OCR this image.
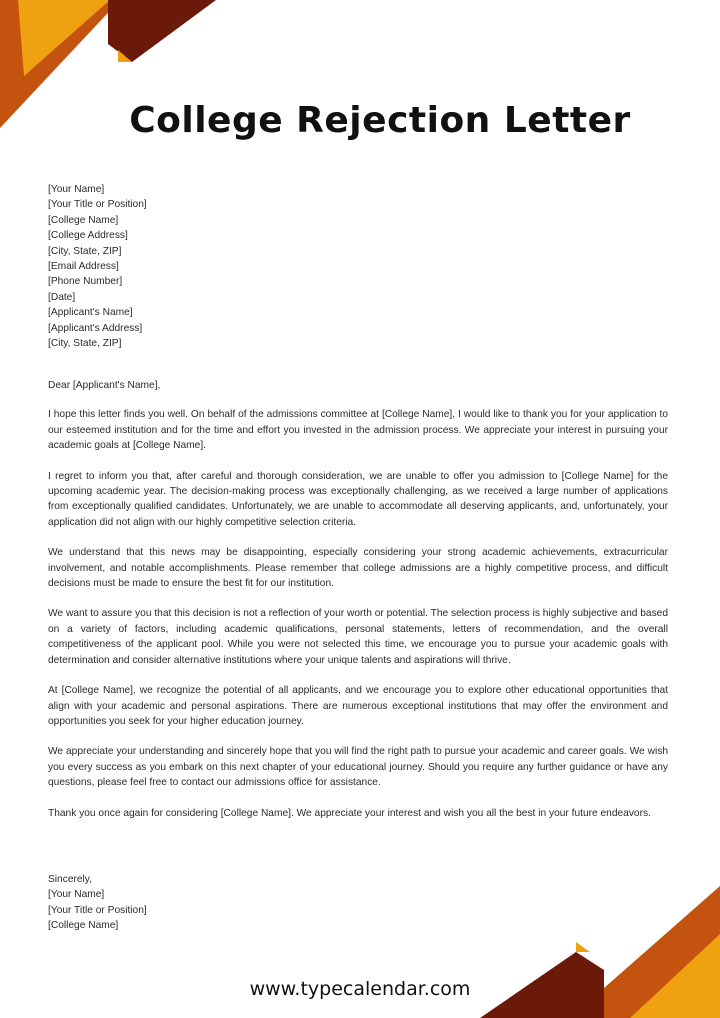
College Rejection Letter
[Your Name]
[Your Title or Position]
[College Name]
[College Address]
[City, State, ZIP]
[Email Address]
[Phone Number]
[Date]
[Applicant's Name]
[Applicant's Address]
[City, State, ZIP]

Dear [Applicant's Name],

I hope this letter finds you well. On behalf of the admissions committee at [College Name], I would like to thank you for your application to our esteemed institution and for the time and effort you invested in the admission process. We appreciate your interest in pursuing your academic goals at [College Name].

I regret to inform you that, after careful and thorough consideration, we are unable to offer you admission to [College Name] for the upcoming academic year. The decision-making process was exceptionally challenging, as we received a large number of applications from exceptionally qualified candidates. Unfortunately, we are unable to accommodate all deserving applicants, and, unfortunately, your application did not align with our highly competitive selection criteria.

We understand that this news may be disappointing, especially considering your strong academic achievements, extracurricular involvement, and notable accomplishments. Please remember that college admissions are a highly competitive process, and difficult decisions must be made to ensure the best fit for our institution.

We want to assure you that this decision is not a reflection of your worth or potential. The selection process is highly subjective and based on a variety of factors, including academic qualifications, personal statements, letters of recommendation, and the overall competitiveness of the applicant pool. While you were not selected this time, we encourage you to pursue your academic goals with determination and consider alternative institutions where your unique talents and aspirations will thrive.

At [College Name], we recognize the potential of all applicants, and we encourage you to explore other educational opportunities that align with your academic and personal aspirations. There are numerous exceptional institutions that may offer the environment and opportunities you seek for your higher education journey.

We appreciate your understanding and sincerely hope that you will find the right path to pursue your academic and career goals. We wish you every success as you embark on this next chapter of your educational journey. Should you require any further guidance or have any questions, please feel free to contact our admissions office for assistance.

Thank you once again for considering [College Name]. We appreciate your interest and wish you all the best in your future endeavors.

Sincerely,
[Your Name]
[Your Title or Position]
[College Name]
www.typecalendar.com
